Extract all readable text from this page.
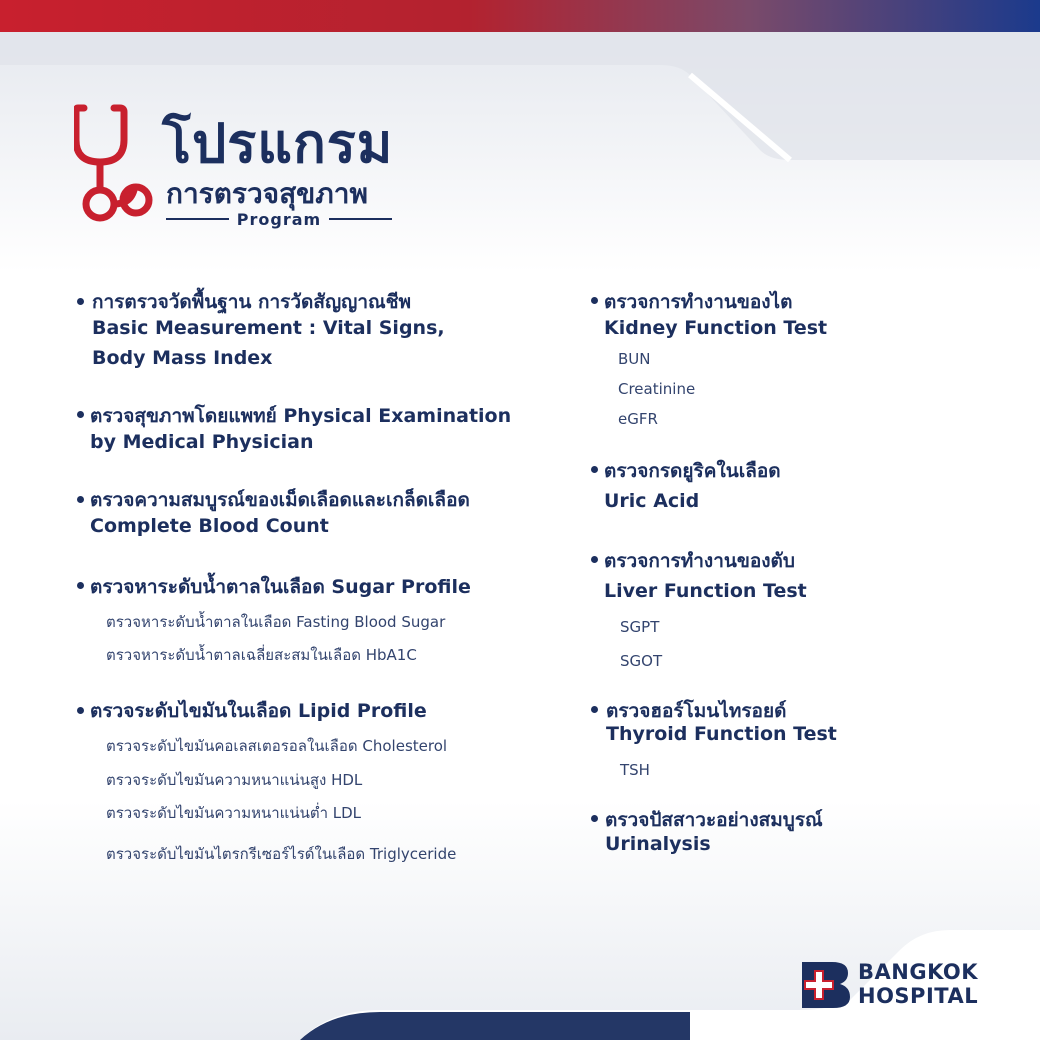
โปรแกรม
การตรวจสุขภาพ
Program
การตรวจวัดพื้นฐาน การวัดสัญญาณชีพ
Basic Measurement : Vital Signs,
Body Mass Index
ตรวจสุขภาพโดยแพทย์ Physical Examination
by Medical Physician
ตรวจความสมบูรณ์ของเม็ดเลือดและเกล็ดเลือด
Complete Blood Count
ตรวจหาระดับน้ำตาลในเลือด Sugar Profile
ตรวจหาระดับน้ำตาลในเลือด Fasting Blood Sugar
ตรวจหาระดับน้ำตาลเฉลี่ยสะสมในเลือด HbA1C
ตรวจระดับไขมันในเลือด Lipid Profile
ตรวจระดับไขมันคอเลสเตอรอลในเลือด Cholesterol
ตรวจระดับไขมันความหนาแน่นสูง HDL
ตรวจระดับไขมันความหนาแน่นต่ำ LDL
ตรวจระดับไขมันไตรกรีเซอร์ไรด์ในเลือด Triglyceride
ตรวจการทำงานของไต
Kidney Function Test
BUN
Creatinine
eGFR
ตรวจกรดยูริคในเลือด
Uric Acid
ตรวจการทำงานของตับ
Liver Function Test
SGPT
SGOT
ตรวจฮอร์โมนไทรอยด์
Thyroid Function Test
TSH
ตรวจปัสสาวะอย่างสมบูรณ์
Urinalysis
BANGKOK
HOSPITAL
